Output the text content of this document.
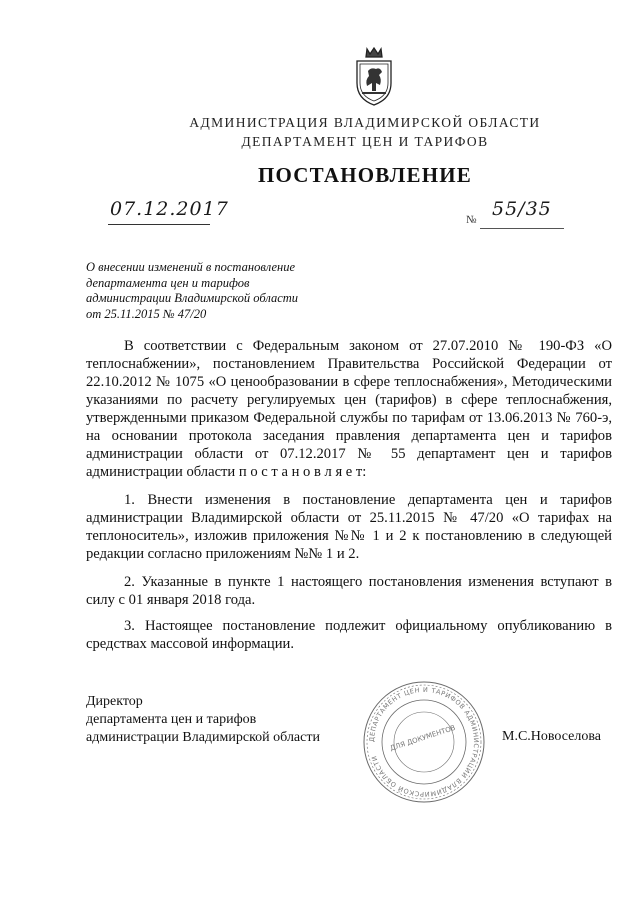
АДМИНИСТРАЦИЯ ВЛАДИМИРСКОЙ ОБЛАСТИ
ДЕПАРТАМЕНТ ЦЕН И ТАРИФОВ
ПОСТАНОВЛЕНИЕ
07.12.2017	№ 55/35
О внесении изменений в постановление
департамента цен и тарифов
администрации Владимирской области
от 25.11.2015 № 47/20

В соответствии с Федеральным законом от 27.07.2010 № 190-ФЗ «О теплоснабжении», постановлением Правительства Российской Федерации от 22.10.2012 № 1075 «О ценообразовании в сфере теплоснабжения», Методическими указаниями по расчету регулируемых цен (тарифов) в сфере теплоснабжения, утвержденными приказом Федеральной службы по тарифам от 13.06.2013 № 760-э, на основании протокола заседания правления департамента цен и тарифов администрации области от 07.12.2017 № 55 департамент цен и тарифов администрации области п о с т а н о в л я е т:

1. Внести изменения в постановление департамента цен и тарифов администрации Владимирской области от 25.11.2015 № 47/20 «О тарифах на теплоноситель», изложив приложения №№ 1 и 2 к постановлению в следующей редакции согласно приложениям №№ 1 и 2.

2. Указанные в пункте 1 настоящего постановления изменения вступают в силу с 01 января 2018 года.

3. Настоящее постановление подлежит официальному опубликованию в средствах массовой информации.

Директор
департамента цен и тарифов
администрации Владимирской области	ДЕПАРТАМЕНТ ЦЕН И ТАРИФОВ АДМИНИСТРАЦИИ ВЛАДИМИРСКОЙ ОБЛАСТИ
ДЛЯ ДОКУМЕНТОВ	М.С.Новоселова
